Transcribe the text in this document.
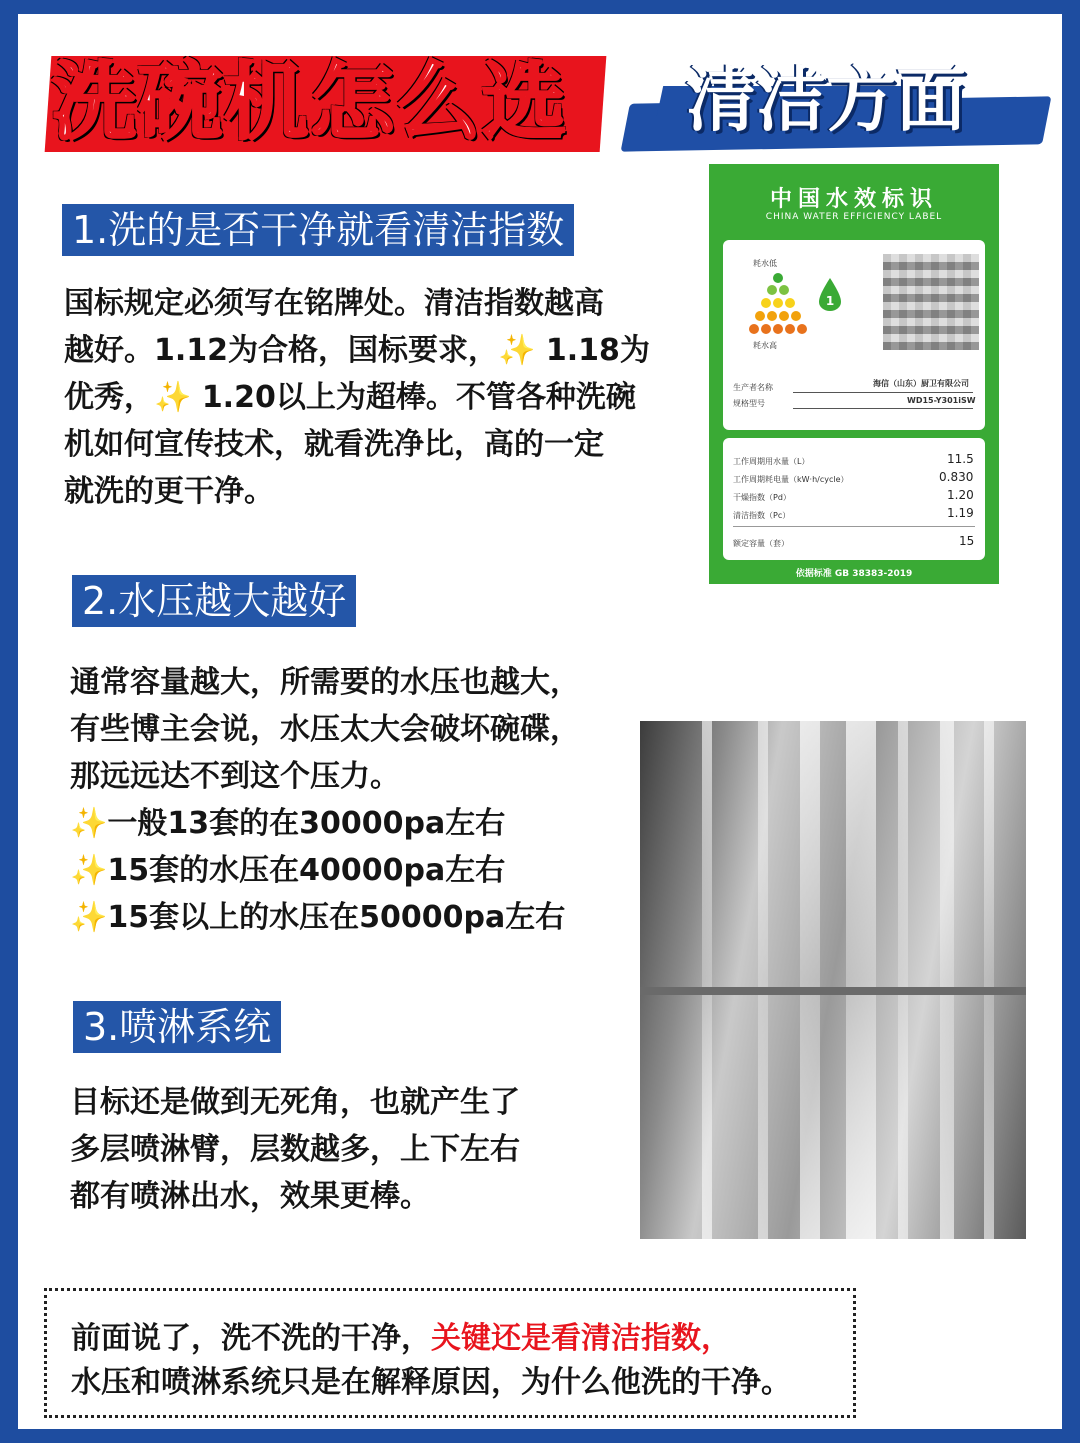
洗碗机怎么选 清洁方面
1.洗的是否干净就看清洁指数
国标规定必须写在铭牌处。清洁指数越高
越好。1.12为合格，国标要求，✨ 1.18为
优秀，✨ 1.20以上为超棒。不管各种洗碗
机如何宣传技术，就看洗净比，高的一定
就洗的更干净。
中国水效标识
CHINA WATER EFFICIENCY LABEL
耗水低
耗水高
1
生产者名称	海信（山东）厨卫有限公司
规格型号	WD15-Y301iSW
工作周期用水量（L）	11.5
工作周期耗电量（kW·h/cycle）	0.830
干燥指数（Pd）	1.20
清洁指数（Pc）	1.19
额定容量（套）	15
依据标准 GB 38383-2019
2.水压越大越好
通常容量越大，所需要的水压也越大，
有些博主会说，水压太大会破坏碗碟，
那远远达不到这个压力。
✨一般13套的在30000pa左右
✨15套的水压在40000pa左右
✨15套以上的水压在50000pa左右
3.喷淋系统
目标还是做到无死角，也就产生了
多层喷淋臂，层数越多，上下左右
都有喷淋出水，效果更棒。
前面说了，洗不洗的干净，关键还是看清洁指数，
水压和喷淋系统只是在解释原因，为什么他洗的干净。
